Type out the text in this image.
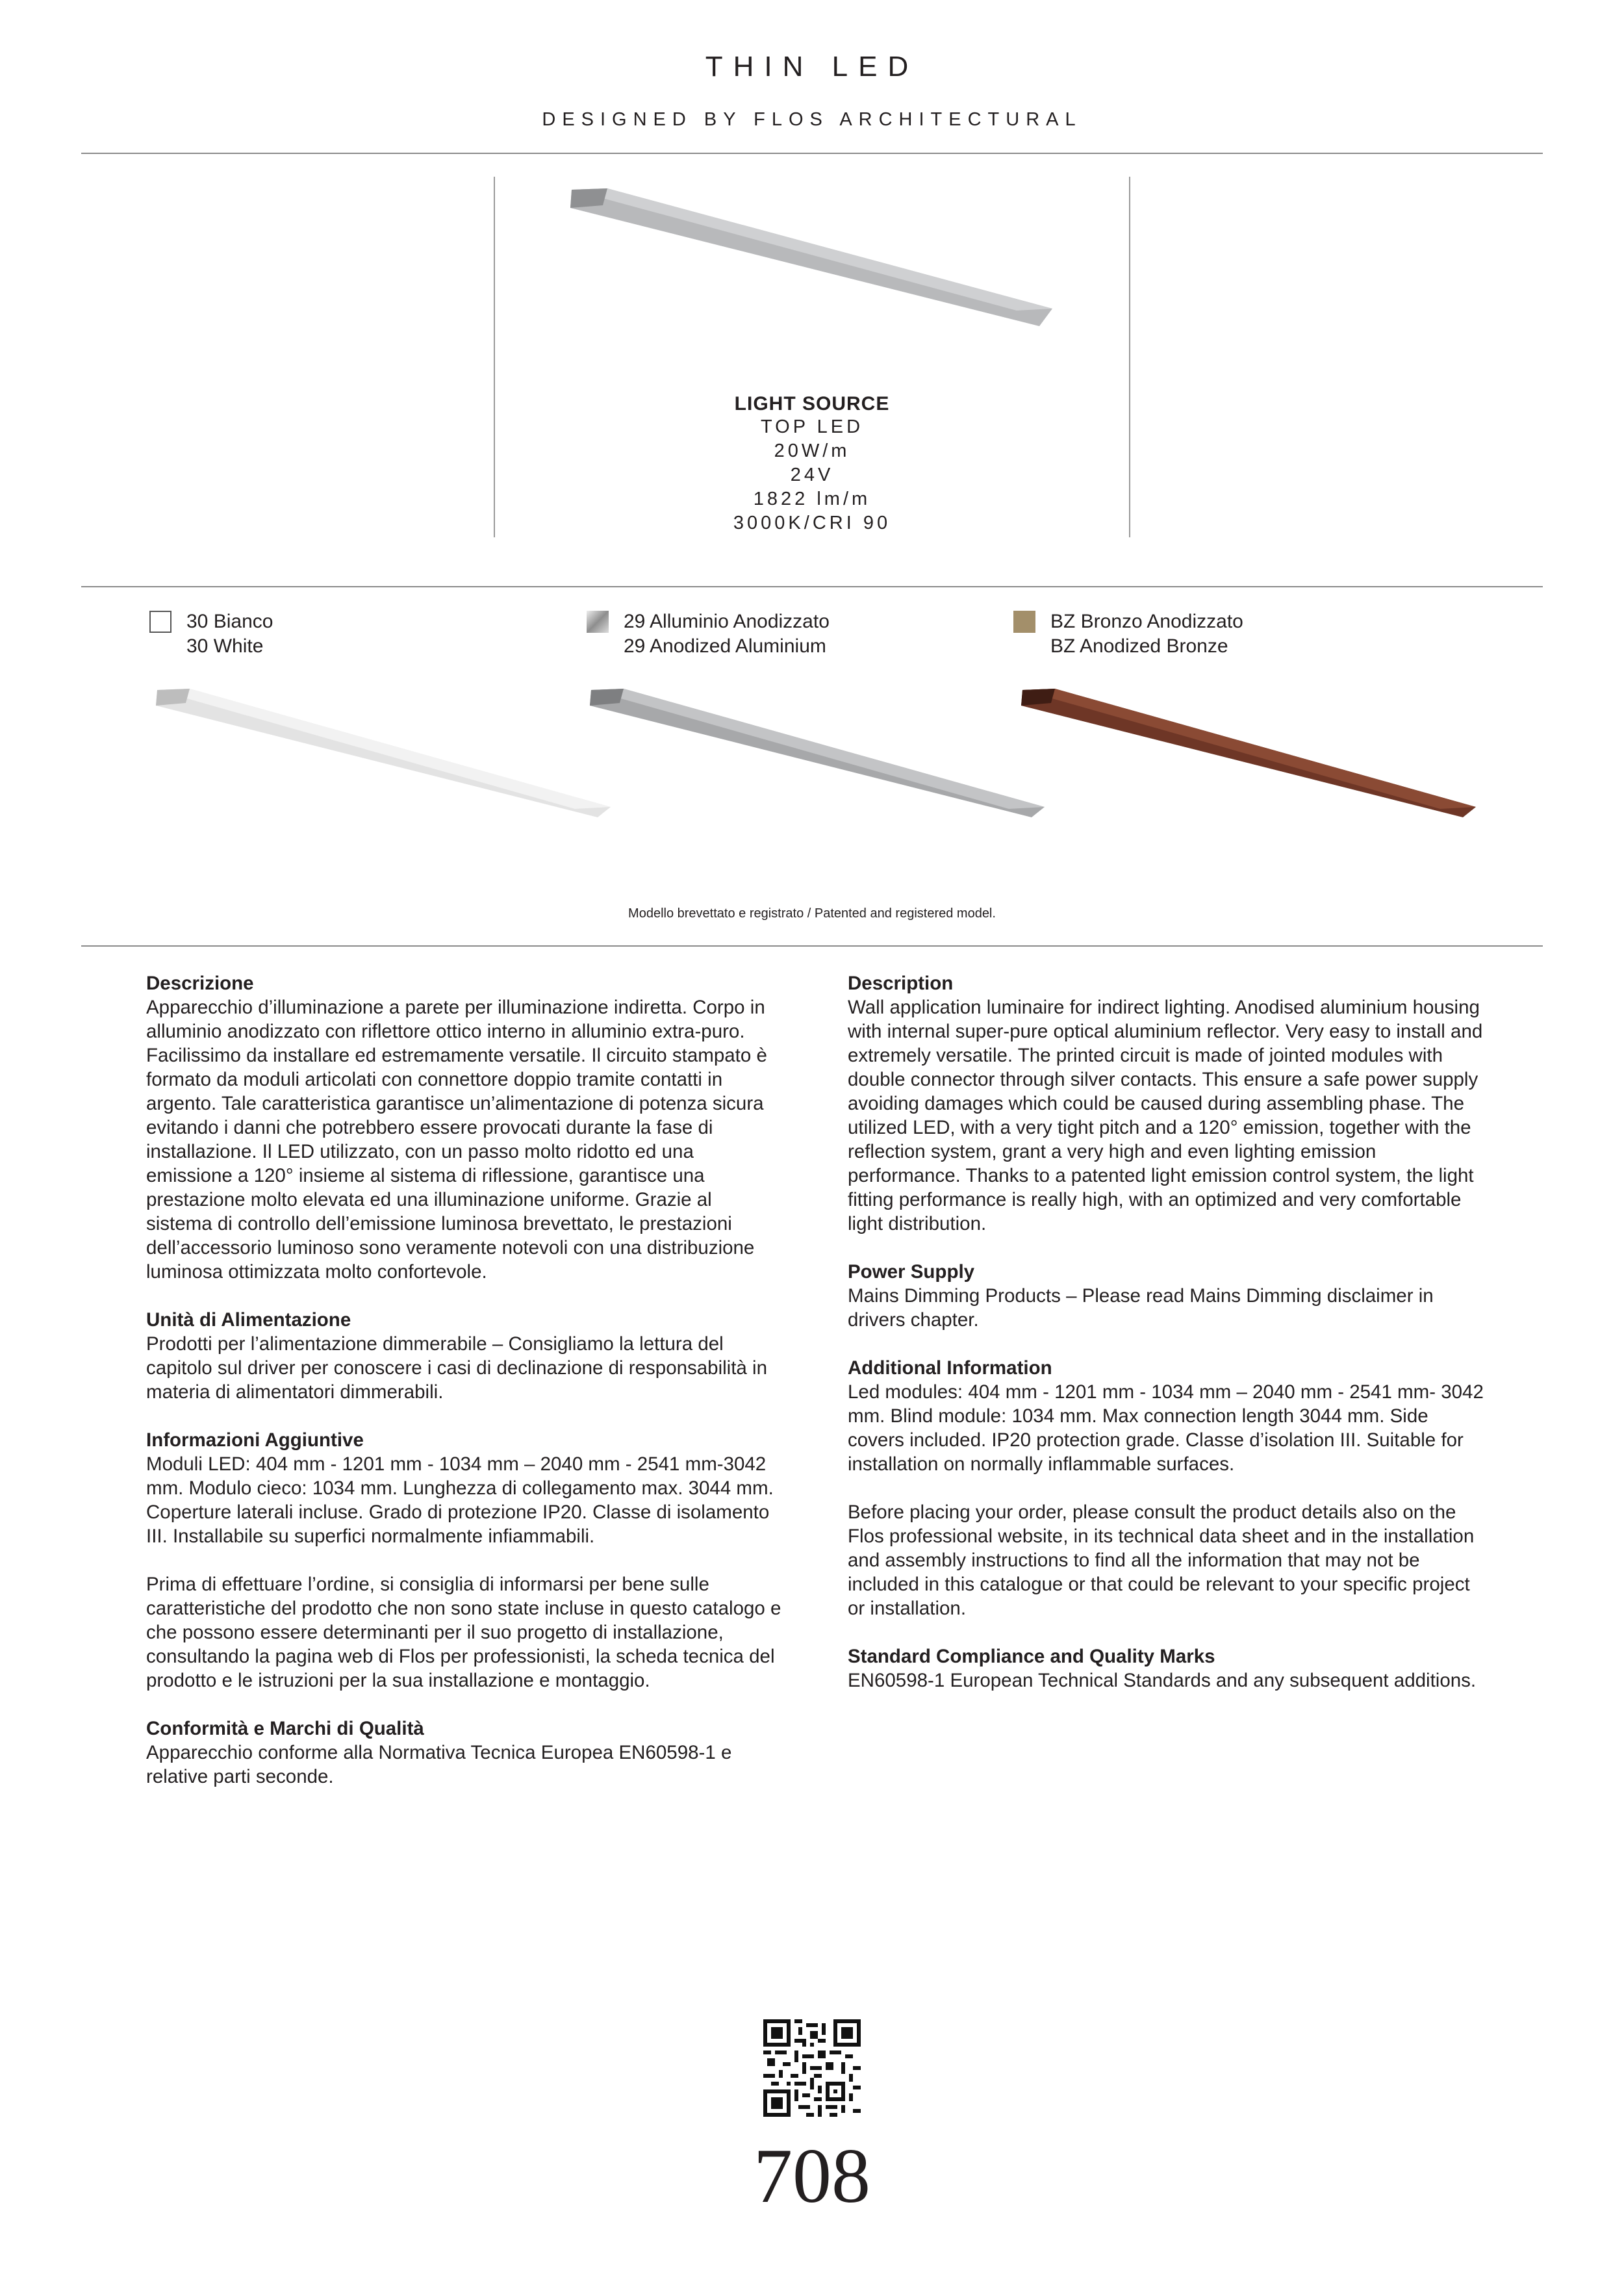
THIN LED
DESIGNED BY FLOS ARCHITECTURAL
LIGHT SOURCE
TOP LED
20W/m
24V
1822 lm/m
3000K/CRI 90
30 Bianco
30 White
29 Alluminio Anodizzato
29 Anodized Aluminium
BZ Bronzo Anodizzato
BZ Anodized Bronze
Modello brevettato e registrato / Patented and registered model.

Descrizione
Apparecchio d’illuminazione a parete per illuminazione indiretta. Corpo in alluminio anodizzato con riflettore ottico interno in alluminio extra-puro. Facilissimo da installare ed estremamente versatile. Il circuito stampato è formato da moduli articolati con connettore doppio tramite contatti in argento. Tale caratteristica garantisce un’alimentazione di potenza sicura evitando i danni che potrebbero essere provocati durante la fase di installazione. Il LED utilizzato, con un passo molto ridotto ed una emissione a 120° insieme al sistema di riflessione, garantisce una prestazione molto elevata ed una illuminazione uniforme. Grazie al sistema di controllo dell’emissione luminosa brevettato, le prestazioni dell’accessorio luminoso sono veramente notevoli con una distribuzione luminosa ottimizzata molto confortevole.

Unità di Alimentazione
Prodotti per l’alimentazione dimmerabile – Consigliamo la lettura del capitolo sul driver per conoscere i casi di declinazione di responsabilità in materia di alimentatori dimmerabili.

Informazioni Aggiuntive
Moduli LED: 404 mm - 1201 mm - 1034 mm – 2040 mm - 2541 mm-3042 mm. Modulo cieco: 1034 mm. Lunghezza di collegamento max. 3044 mm. Coperture laterali incluse. Grado di protezione IP20. Classe di isolamento III. Installabile su superfici normalmente infiammabili.

Prima di effettuare l’ordine, si consiglia di informarsi per bene sulle caratteristiche del prodotto che non sono state incluse in questo catalogo e che possono essere determinanti per il suo progetto di installazione, consultando la pagina web di Flos per professionisti, la scheda tecnica del prodotto e le istruzioni per la sua installazione e montaggio.

Conformità e Marchi di Qualità
Apparecchio conforme alla Normativa Tecnica Europea EN60598-1 e relative parti seconde.

Description
Wall application luminaire for indirect lighting. Anodised aluminium housing with internal super-pure optical aluminium reflector. Very easy to install and extremely versatile. The printed circuit is made of jointed modules with double connector through silver contacts. This ensure a safe power supply avoiding damages which could be caused during assembling phase. The utilized LED, with a very tight pitch and a 120° emission, together with the reflection system, grant a very high and even lighting emission performance. Thanks to a patented light emission control system, the light fitting performance is really high, with an optimized and very comfortable light distribution.

Power Supply
Mains Dimming Products – Please read Mains Dimming disclaimer in drivers chapter.

Additional Information
Led modules: 404 mm - 1201 mm - 1034 mm – 2040 mm - 2541 mm- 3042 mm. Blind module: 1034 mm. Max connection length 3044 mm. Side covers included. IP20 protection grade. Classe d’isolation III. Suitable for installation on normally inflammable surfaces.

Before placing your order, please consult the product details also on the Flos professional website, in its technical data sheet and in the installation and assembly instructions to find all the information that may not be included in this catalogue or that could be relevant to your specific project or installation.

Standard Compliance and Quality Marks
EN60598-1 European Technical Standards and any subsequent additions.

708
